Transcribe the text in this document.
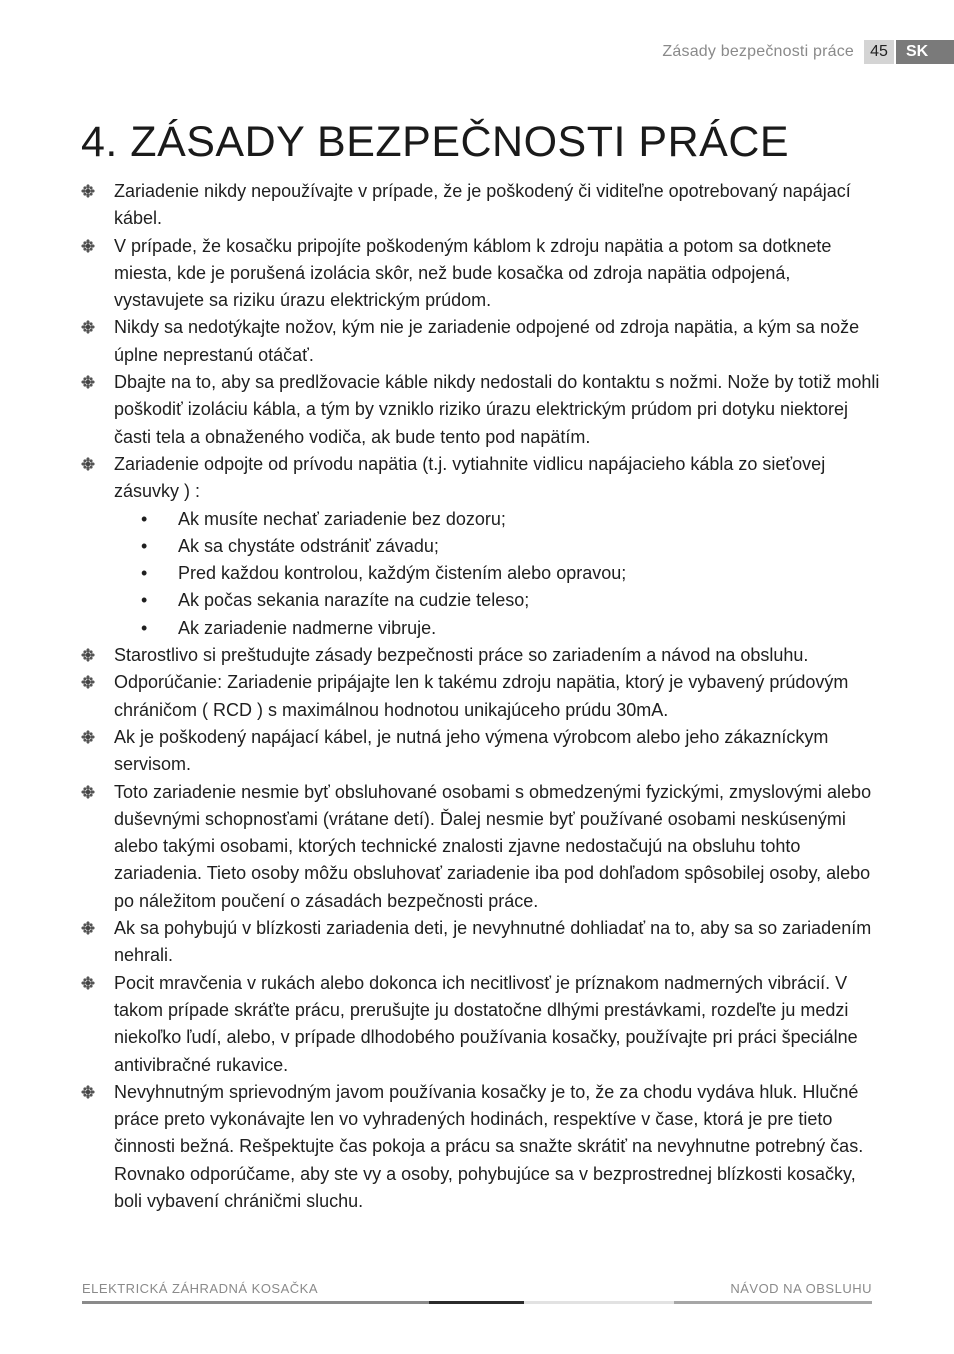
Zásady bezpečnosti práce	45	SK
4. ZÁSADY BEZPEČNOSTI PRÁCE
Zariadenie nikdy nepoužívajte v prípade, že je poškodený či viditeľne opotrebovaný napájací kábel.
V prípade, že kosačku pripojíte poškodeným káblom k zdroju napätia a potom sa dotknete miesta, kde je porušená izolácia skôr, než bude kosačka od zdroja napätia odpojená, vystavujete sa riziku úrazu elektrickým prúdom.
Nikdy sa nedotýkajte nožov, kým nie je zariadenie odpojené od zdroja napätia, a kým sa nože úplne neprestanú otáčať.
Dbajte na to, aby sa predlžovacie káble nikdy nedostali do kontaktu s nožmi. Nože by totiž mohli poškodiť izoláciu kábla, a tým by vzniklo riziko úrazu elektrickým prúdom pri dotyku niektorej časti tela a obnaženého vodiča, ak bude tento pod napätím.
Zariadenie odpojte od prívodu napätia (t.j. vytiahnite vidlicu napájacieho kábla zo sieťovej zásuvky ) :
• Ak musíte nechať zariadenie bez dozoru;
• Ak sa chystáte odstrániť závadu;
• Pred každou kontrolou, každým čistením alebo opravou;
• Ak počas sekania narazíte na cudzie teleso;
• Ak zariadenie nadmerne vibruje.
Starostlivo si preštudujte zásady bezpečnosti práce so zariadením a návod na obsluhu.
Odporúčanie: Zariadenie pripájajte len k takému zdroju napätia, ktorý je vybavený prúdovým chráničom ( RCD ) s maximálnou hodnotou unikajúceho prúdu 30mA.
Ak je poškodený napájací kábel, je nutná jeho výmena výrobcom alebo jeho zákazníckym servisom.
Toto zariadenie nesmie byť obsluhované osobami s obmedzenými fyzickými, zmyslovými alebo duševnými schopnosťami (vrátane detí). Ďalej nesmie byť používané osobami neskúsenými alebo takými osobami, ktorých technické znalosti zjavne nedostačujú na obsluhu tohto zariadenia. Tieto osoby môžu obsluhovať zariadenie iba pod dohľadom spôsobilej osoby, alebo po náležitom poučení o zásadách bezpečnosti práce.
Ak sa pohybujú v blízkosti zariadenia deti, je nevyhnutné dohliadať na to, aby sa so zariadením nehrali.
Pocit mravčenia v rukách alebo dokonca ich necitlivosť je príznakom nadmerných vibrácií. V takom prípade skráťte prácu, prerušujte ju dostatočne dlhými prestávkami, rozdeľte ju medzi niekoľko ľudí, alebo, v prípade dlhodobého používania kosačky, používajte pri práci špeciálne antivibračné rukavice.
Nevyhnutným sprievodným javom používania kosačky je to, že za chodu vydáva hluk. Hlučné práce preto vykonávajte len vo vyhradených hodinách, respektíve v čase, ktorá je pre tieto činnosti bežná. Rešpektujte čas pokoja a prácu sa snažte skrátiť na nevyhnutne potrebný čas. Rovnako odporúčame, aby ste vy a osoby, pohybujúce sa v bezprostrednej blízkosti kosačky, boli vybavení chráničmi sluchu.
ELEKTRICKÁ ZÁHRADNÁ KOSAČKA	NÁVOD NA OBSLUHU
